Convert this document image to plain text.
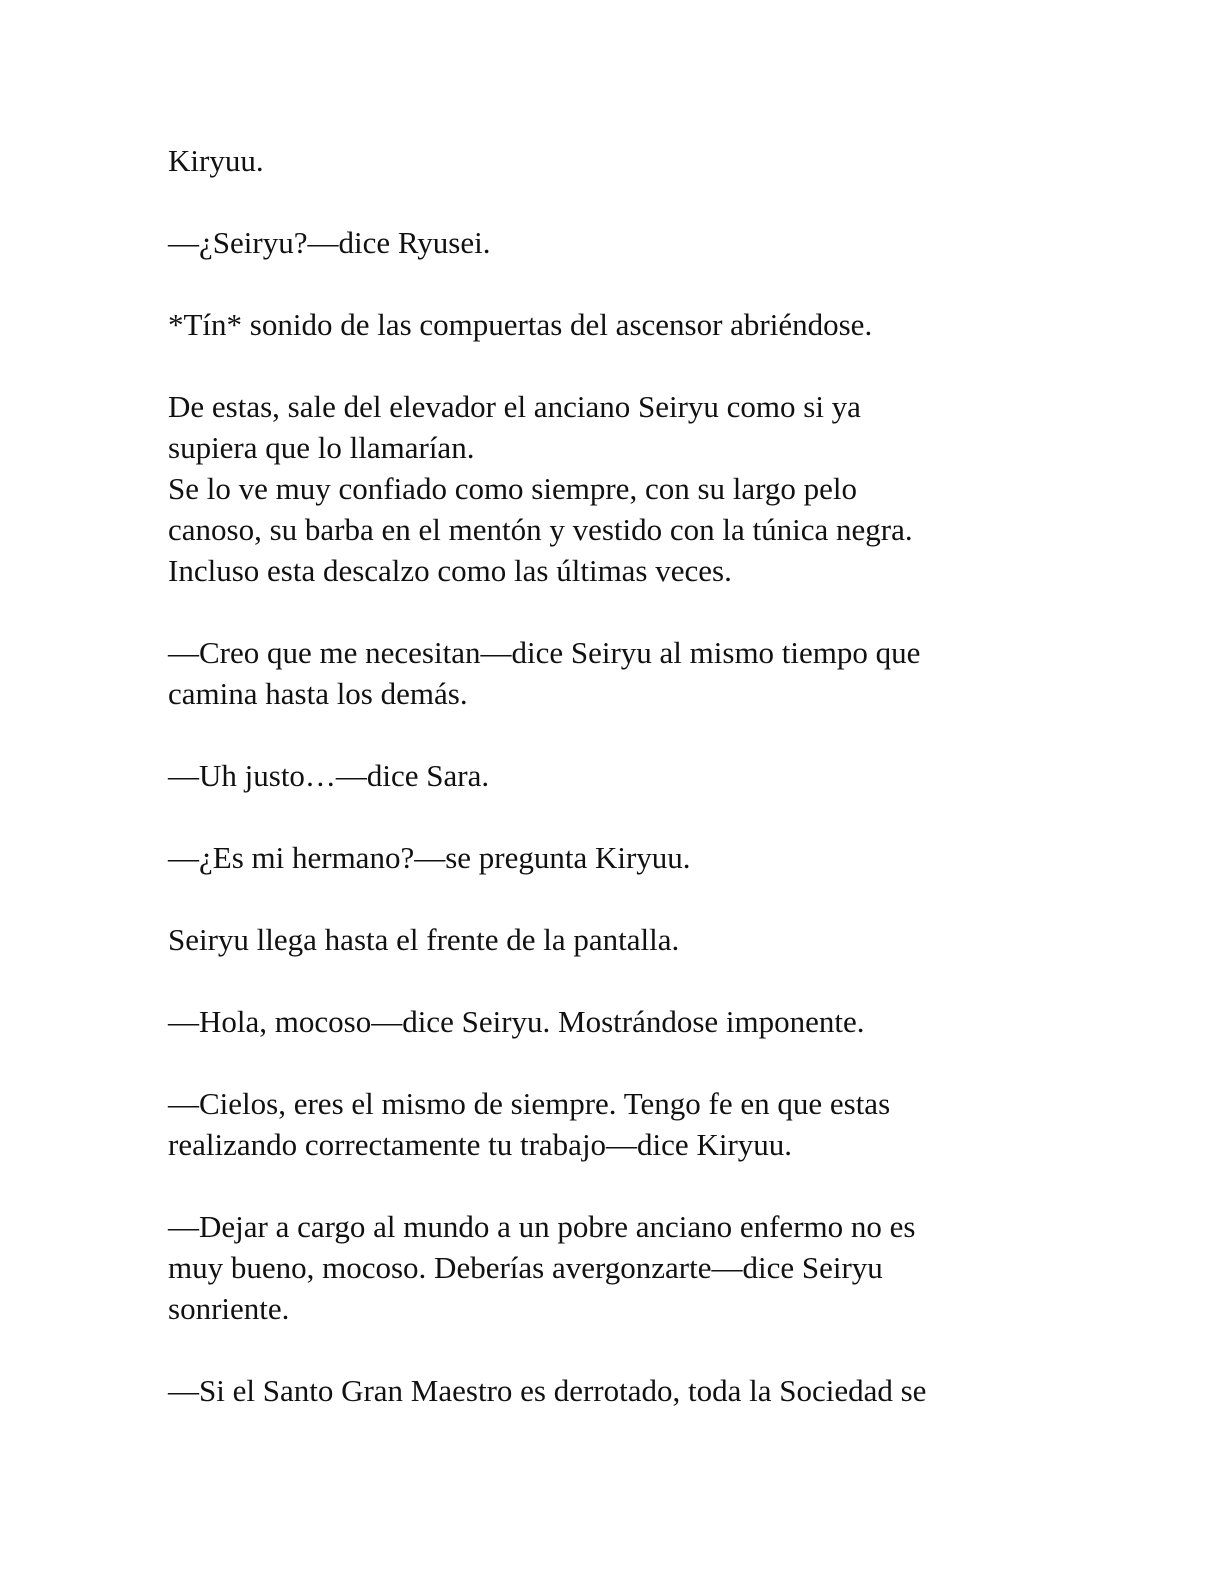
Kiryuu.

—¿Seiryu?—dice Ryusei.

*Tín* sonido de las compuertas del ascensor abriéndose.

De estas, sale del elevador el anciano Seiryu como si ya
supiera que lo llamarían.

Se lo ve muy confiado como siempre, con su largo pelo
canoso, su barba en el mentón y vestido con la túnica negra.
Incluso esta descalzo como las últimas veces.

—Creo que me necesitan—dice Seiryu al mismo tiempo que
camina hasta los demás.

—Uh justo…—dice Sara.

—¿Es mi hermano?—se pregunta Kiryuu.

Seiryu llega hasta el frente de la pantalla.

—Hola, mocoso—dice Seiryu. Mostrándose imponente.

—Cielos, eres el mismo de siempre. Tengo fe en que estas
realizando correctamente tu trabajo—dice Kiryuu.

—Dejar a cargo al mundo a un pobre anciano enfermo no es
muy bueno, mocoso. Deberías avergonzarte—dice Seiryu
sonriente.

—Si el Santo Gran Maestro es derrotado, toda la Sociedad se
